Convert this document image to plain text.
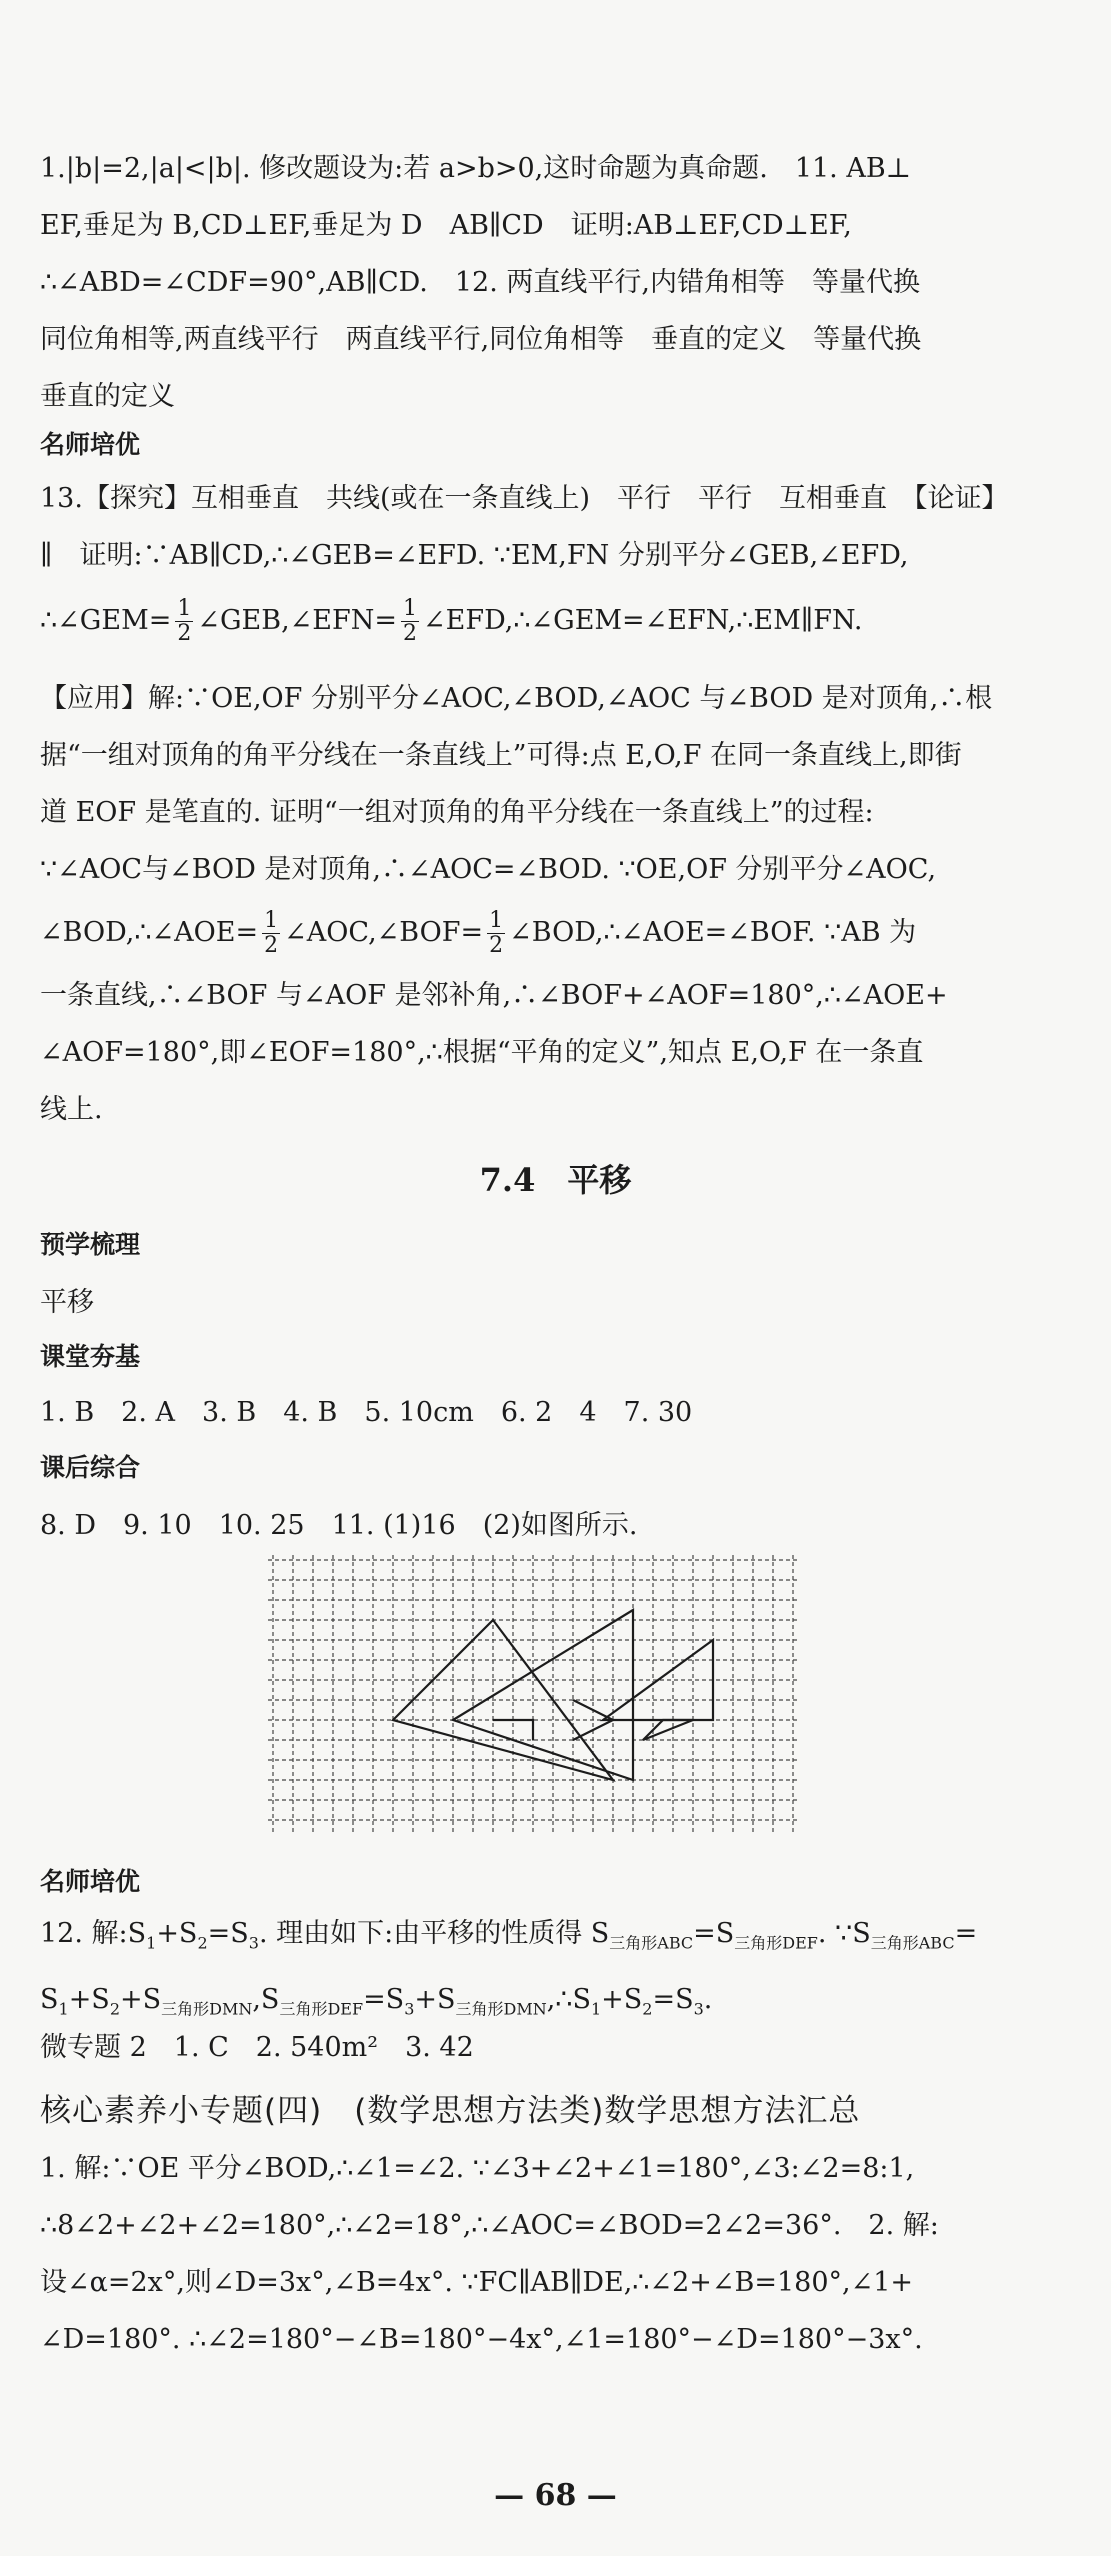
1.|b|=2,|a|<|b|. 修改题设为:若 a>b>0,这时命题为真命题.　11. AB⊥

EF,垂足为 B,CD⊥EF,垂足为 D　AB∥CD　证明:AB⊥EF,CD⊥EF,

∴∠ABD=∠CDF=90°,AB∥CD.　12. 两直线平行,内错角相等　等量代换

同位角相等,两直线平行　两直线平行,同位角相等　垂直的定义　等量代换

垂直的定义

名师培优

13.【探究】互相垂直　共线(或在一条直线上)　平行　平行　互相垂直　【论证】

∥　证明:∵AB∥CD,∴∠GEB=∠EFD. ∵EM,FN 分别平分∠GEB,∠EFD,

∴∠GEM= $\frac{1}{2}$ ∠GEB,∠EFN= $\frac{1}{2}$ ∠EFD,∴∠GEM=∠EFN,∴EM∥FN.

【应用】解:∵OE,OF 分别平分∠AOC,∠BOD,∠AOC 与∠BOD 是对顶角,∴根

据“一组对顶角的角平分线在一条直线上”可得:点 E,O,F 在同一条直线上,即街

道 EOF 是笔直的. 证明“一组对顶角的角平分线在一条直线上”的过程:

∵∠AOC与∠BOD 是对顶角,∴∠AOC=∠BOD. ∵OE,OF 分别平分∠AOC,

∠BOD,∴∠AOE= $\frac{1}{2}$ ∠AOC,∠BOF= $\frac{1}{2}$ ∠BOD,∴∠AOE=∠BOF. ∵AB 为

一条直线,∴∠BOF 与∠AOF 是邻补角,∴∠BOF+∠AOF=180°,∴∠AOE+

∠AOF=180°,即∠EOF=180°,∴根据“平角的定义”,知点 E,O,F 在一条直

线上.

7.4　平移

预学梳理

平移

课堂夯基

1. B　2. A　3. B　4. B　5. 10cm　6. 2　4　7. 30

课后综合

8. D　9. 10　10. 25　11. (1)16　(2)如图所示.

名师培优

12. 解$:S_1+S_2=S_3$. 理由如下:由平移的性质得 $S_{三角形ABC}=S_{三角形DEF}$. $\because S_{三角形ABC}=$

$S_1+S_2+S_{三角形DMN},S_{三角形DEF}=S_3+S_{三角形DMN},\therefore S_1+S_2=S_3$.

微专题 2　1. C　2. 540m²　3. 42

核心素养小专题(四)　(数学思想方法类)数学思想方法汇总

1. 解:∵OE 平分∠BOD,∴∠1=∠2. ∵∠3+∠2+∠1=180°,∠3:∠2=8:1,

∴8∠2+∠2+∠2=180°,∴∠2=18°,∴∠AOC=∠BOD=2∠2=36°.　2. 解:

设∠α=2x°,则∠D=3x°,∠B=4x°. ∵FC∥AB∥DE,∴∠2+∠B=180°,∠1+

∠D=180°. ∴∠2=180°−∠B=180°−4x°,∠1=180°−∠D=180°−3x°.

— 68 —
